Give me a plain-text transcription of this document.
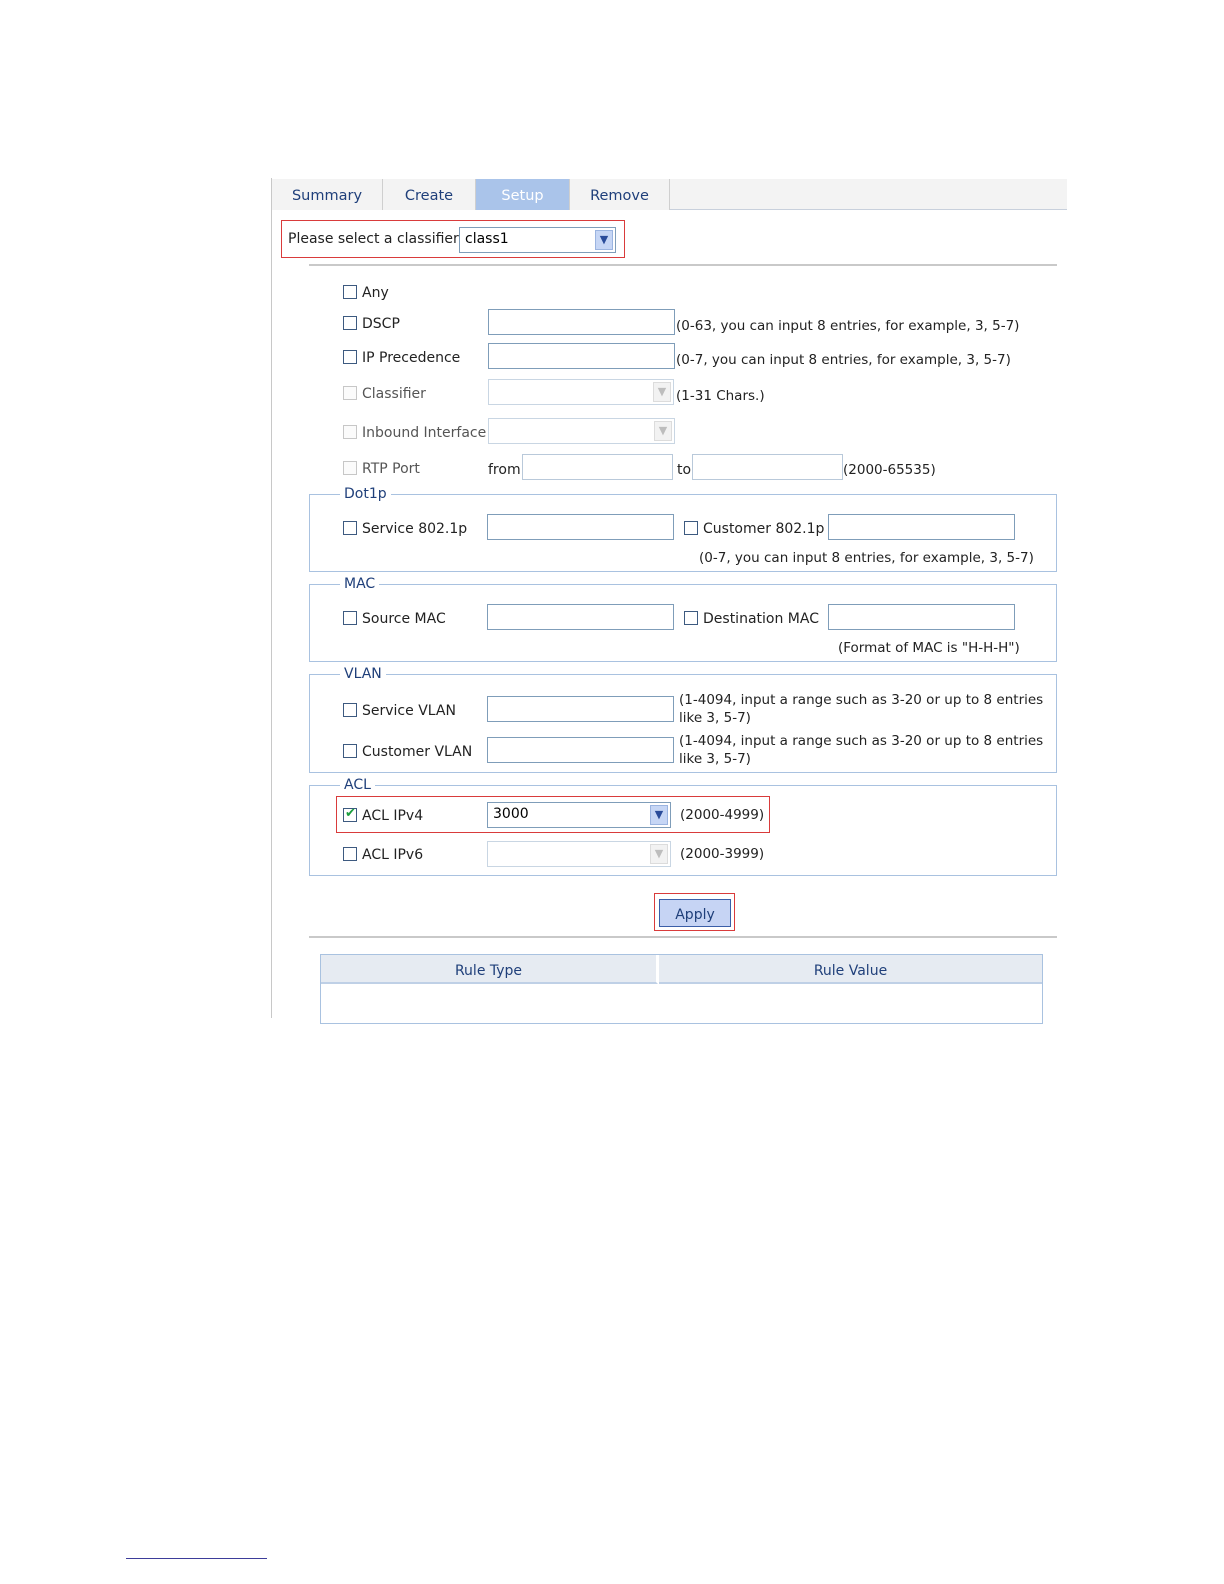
Summary	Create	Setup	Remove
Please select a classifier class1	▼
Any
DSCP	(0-63, you can input 8 entries, for example, 3, 5-7)
IP Precedence	(0-7, you can input 8 entries, for example, 3, 5-7)
Classifier	▼ (1-31 Chars.)
Inbound Interface	▼
RTP Port	from	to	(2000-65535)
Dot1p
Service 802.1p	Customer 802.1p
(0-7, you can input 8 entries, for example, 3, 5-7)
MAC
Source MAC	Destination MAC
(Format of MAC is "H-H-H")
VLAN
Service VLAN
(1-4094, input a range such as 3-20 or up to 8 entries
like 3, 5-7)
Customer VLAN
(1-4094, input a range such as 3-20 or up to 8 entries
like 3, 5-7)
ACL
✔ ACL IPv4	3000	▼	(2000-4999)
ACL IPv6	▼	(2000-3999)
Apply
Rule Type	Rule Value
